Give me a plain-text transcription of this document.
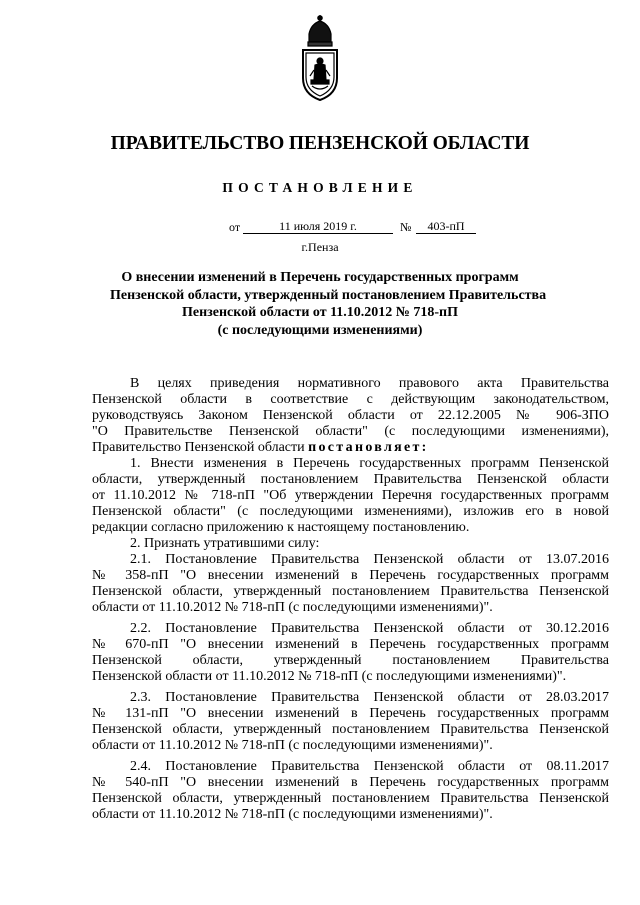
ПРАВИТЕЛЬСТВО ПЕНЗЕНСКОЙ ОБЛАСТИ
ПОСТАНОВЛЕНИЕ
от	11 июля 2019 г.	№	403-пП
г.Пенза
О внесении изменений в Перечень государственных программ
Пензенской области, утвержденный постановлением Правительства
Пензенской области от 11.10.2012 № 718-пП
(с последующими изменениями)
В целях приведения нормативного правового акта Правительства
Пензенской области в соответствие с действующим законодательством,
руководствуясь Законом Пензенской области от 22.12.2005 № 906-ЗПО
"О Правительстве Пензенской области" (с последующими изменениями),
Правительство Пензенской области постановляет:
1. Внести изменения в Перечень государственных программ Пензенской
области, утвержденный постановлением Правительства Пензенской области
от 11.10.2012 № 718-пП "Об утверждении Перечня государственных программ
Пензенской области" (с последующими изменениями), изложив его в новой
редакции согласно приложению к настоящему постановлению.
2. Признать утратившими силу:
2.1. Постановление Правительства Пензенской области от 13.07.2016
№ 358-пП "О внесении изменений в Перечень государственных программ
Пензенской области, утвержденный постановлением Правительства Пензенской
области от 11.10.2012 № 718-пП (с последующими изменениями)".
2.2. Постановление Правительства Пензенской области от 30.12.2016
№ 670-пП "О внесении изменений в Перечень государственных программ
Пензенской области, утвержденный постановлением Правительства
Пензенской области от 11.10.2012 № 718-пП (с последующими изменениями)".
2.3. Постановление Правительства Пензенской области от 28.03.2017
№ 131-пП "О внесении изменений в Перечень государственных программ
Пензенской области, утвержденный постановлением Правительства Пензенской
области от 11.10.2012 № 718-пП (с последующими изменениями)".
2.4. Постановление Правительства Пензенской области от 08.11.2017
№ 540-пП "О внесении изменений в Перечень государственных программ
Пензенской области, утвержденный постановлением Правительства Пензенской
области от 11.10.2012 № 718-пП (с последующими изменениями)".
